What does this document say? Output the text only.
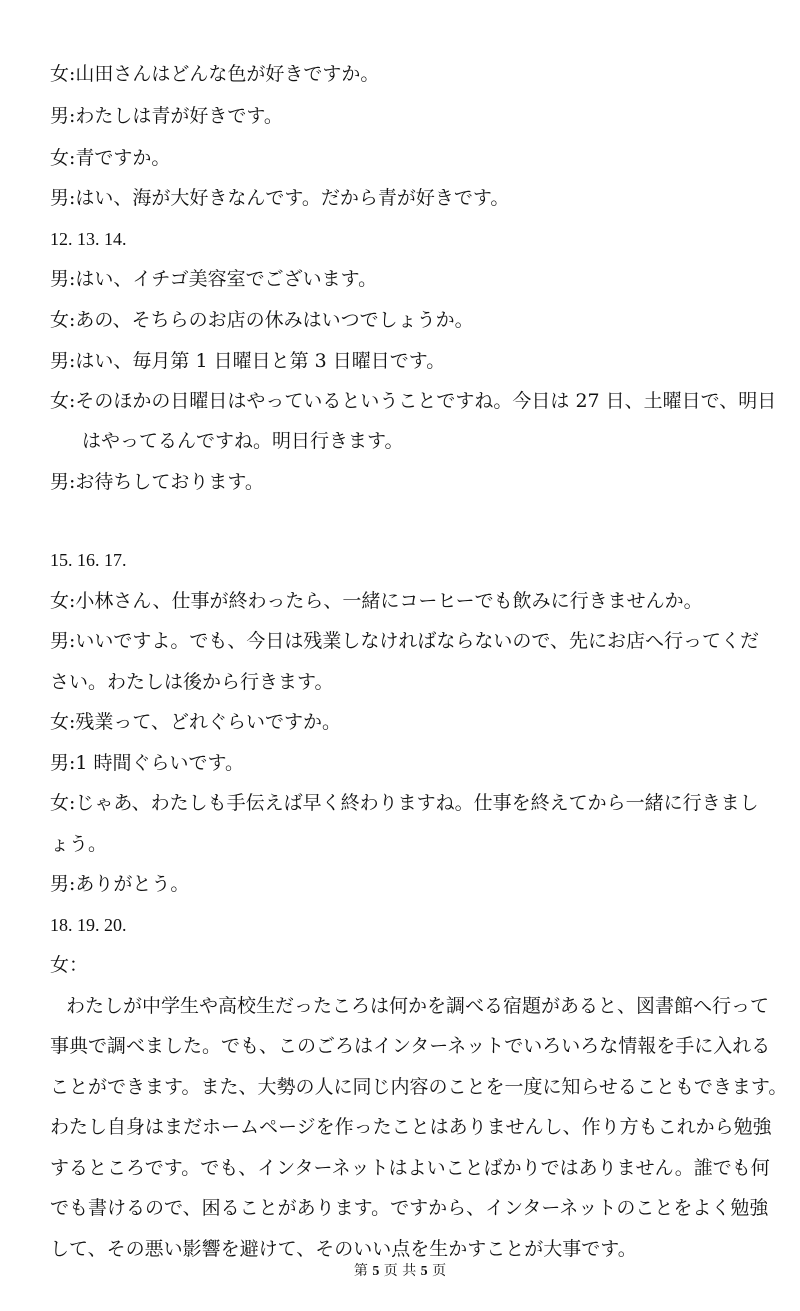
女:山田さんはどんな色が好きですか。
男:わたしは青が好きです。
女:青ですか。
男:はい、海が大好きなんです。だから青が好きです。
12. 13. 14.
男:はい、イチゴ美容室でございます。
女:あの、そちらのお店の休みはいつでしょうか。
男:はい、毎月第 1 日曜日と第 3 日曜日です。
女:そのほかの日曜日はやっているということですね。今日は 27 日、土曜日で、明日
はやってるんですね。明日行きます。
男:お待ちしております。
15. 16. 17.
女:小林さん、仕事が終わったら、一緒にコーヒーでも飲みに行きませんか。
男:いいですよ。でも、今日は残業しなければならないので、先にお店へ行ってくだ
さい。わたしは後から行きます。
女:残業って、どれぐらいですか。
男:1 時間ぐらいです。
女:じゃあ、わたしも手伝えば早く終わりますね。仕事を終えてから一緒に行きまし
ょう。
男:ありがとう。
18. 19. 20.
女：
わたしが中学生や高校生だったころは何かを調べる宿題があると、図書館へ行って
事典で調べました。でも、このごろはインターネットでいろいろな情報を手に入れる
ことができます。また、大勢の人に同じ内容のことを一度に知らせることもできます。
わたし自身はまだホームページを作ったことはありませんし、作り方もこれから勉強
するところです。でも、インターネットはよいことばかりではありません。誰でも何
でも書けるので、困ることがあります。ですから、インターネットのことをよく勉強
して、その悪い影響を避けて、そのいい点を生かすことが大事です。
第 5 页 共 5 页
